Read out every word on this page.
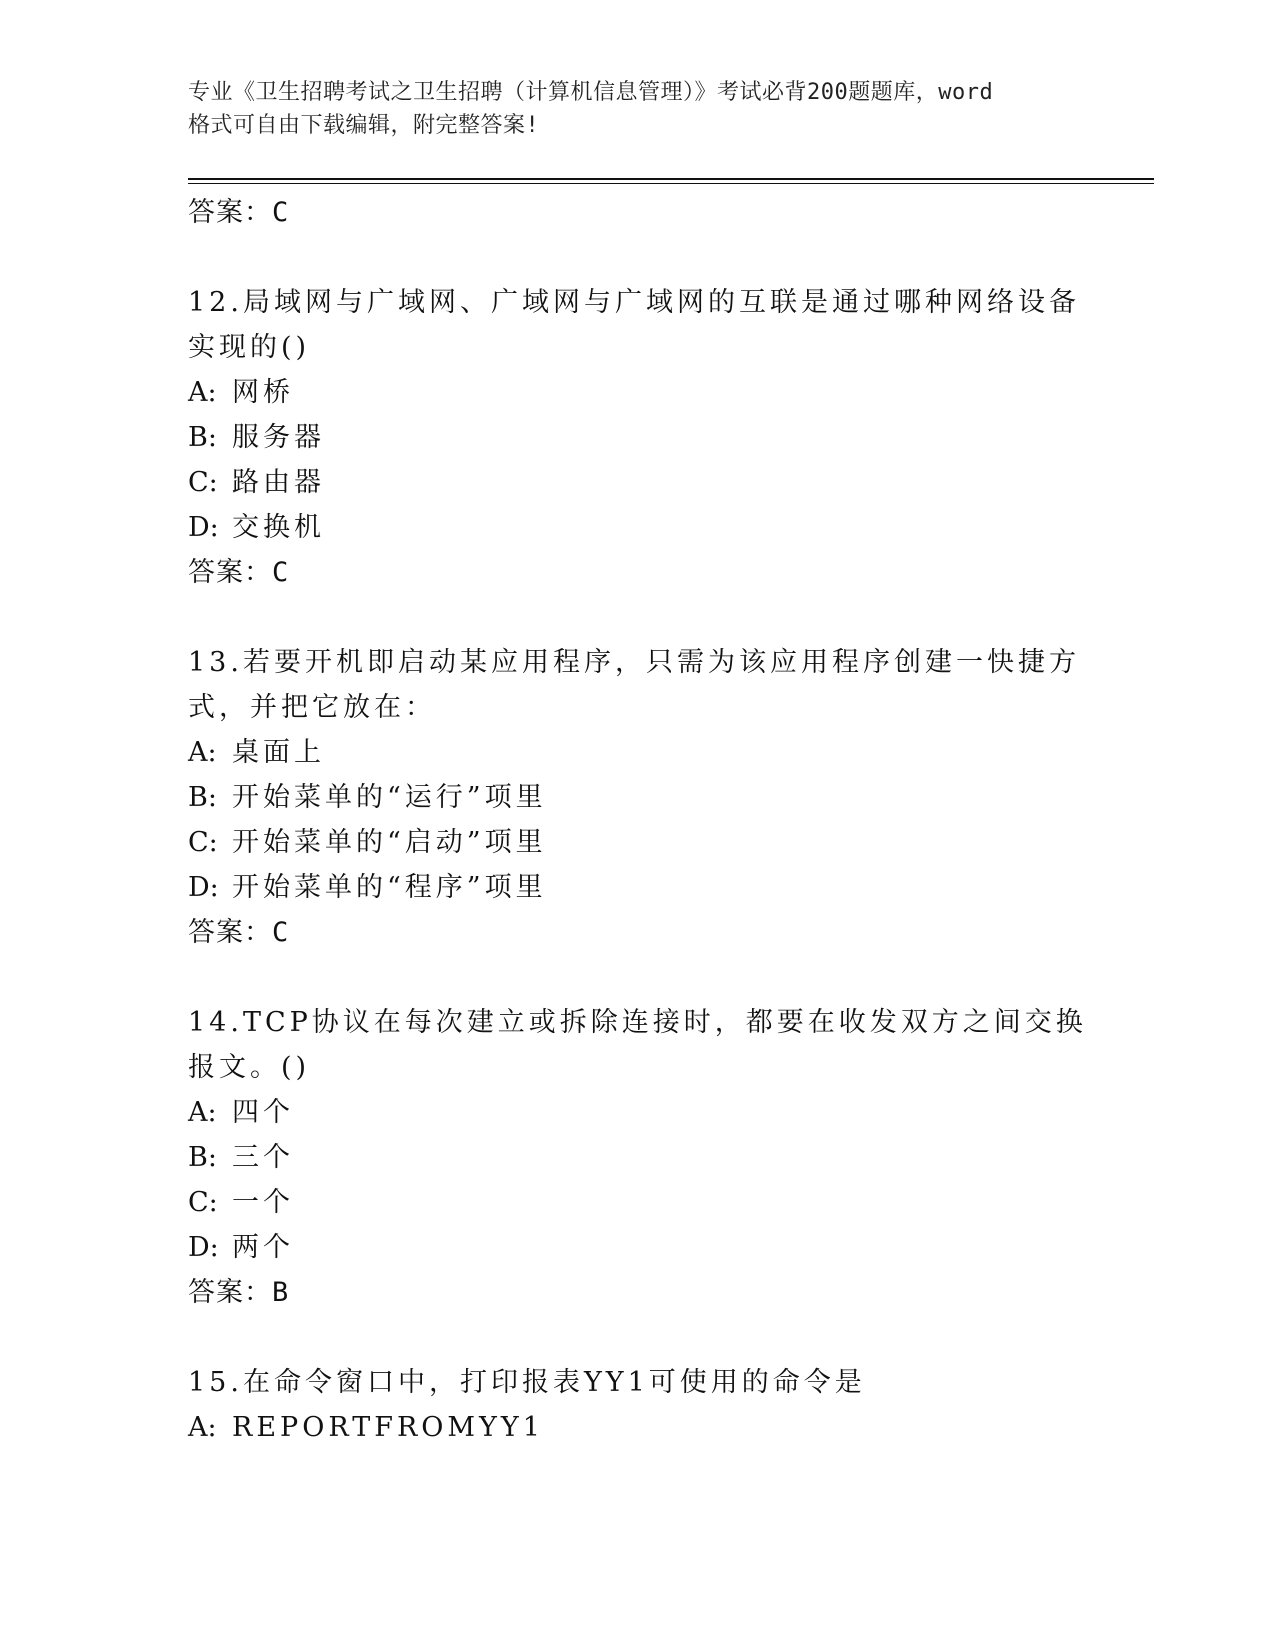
专业《卫生招聘考试之卫生招聘（计算机信息管理）》考试必背200题题库，word
格式可自由下载编辑，附完整答案!
答案：C
12.局域网与广域网、广域网与广域网的互联是通过哪种网络设备实现的()
A: 网桥
B: 服务器
C: 路由器
D: 交换机
答案：C
13.若要开机即启动某应用程序，只需为该应用程序创建一快捷方式，并把它放在：
A: 桌面上
B: 开始菜单的“运行”项里
C: 开始菜单的“启动”项里
D: 开始菜单的“程序”项里
答案：C
14.TCP协议在每次建立或拆除连接时，都要在收发双方之间交换报文。()
A: 四个
B: 三个
C: 一个
D: 两个
答案：B
15.在命令窗口中，打印报表YY1可使用的命令是
A: REPORTFROMYY1
